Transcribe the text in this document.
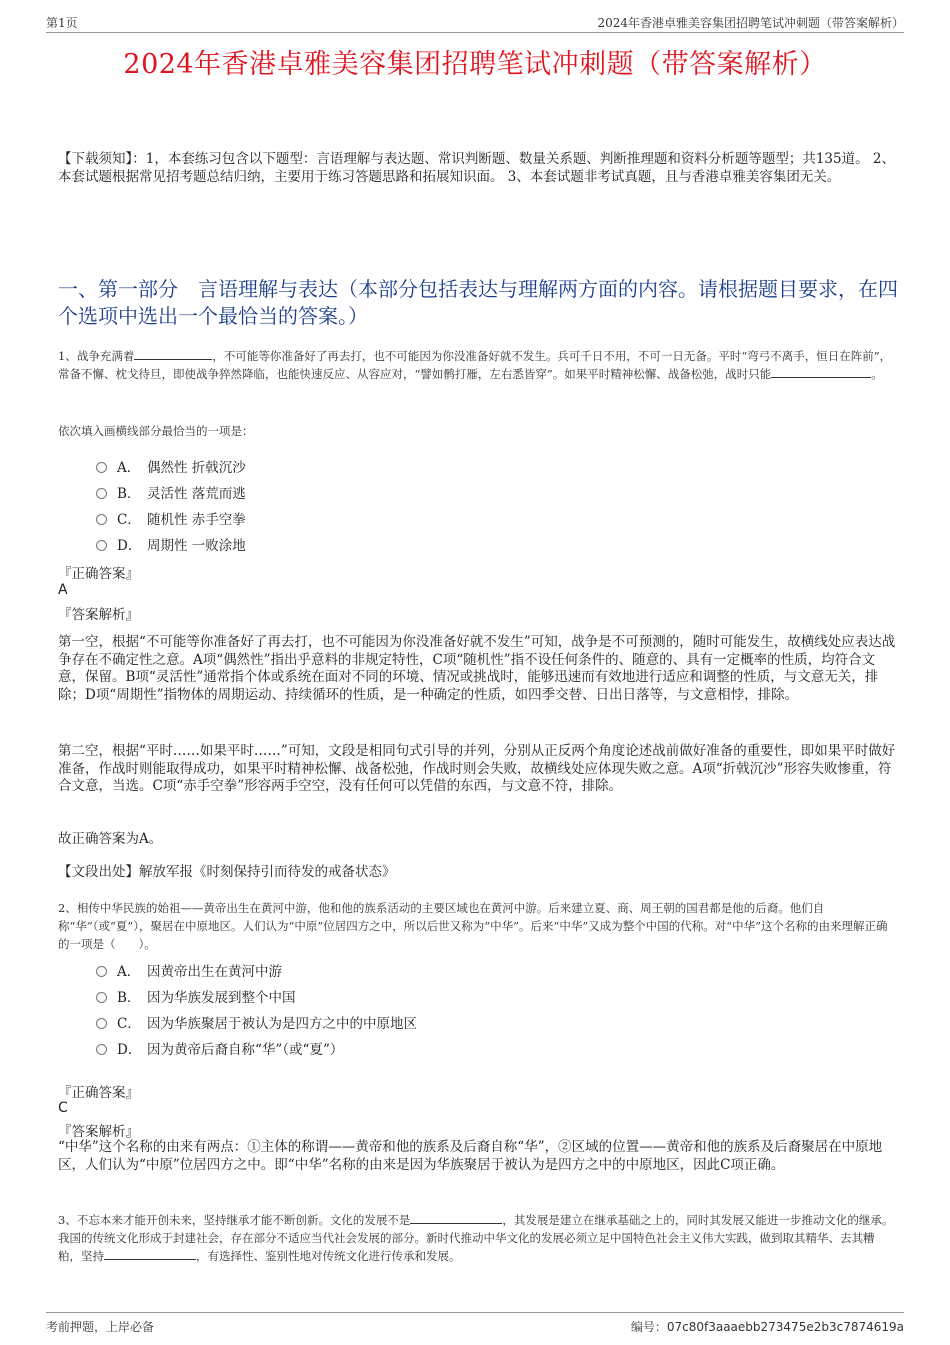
第1页	2024年香港卓雅美容集团招聘笔试冲刺题（带答案解析）
2024年香港卓雅美容集团招聘笔试冲刺题（带答案解析）
【下载须知】：1，本套练习包含以下题型：言语理解与表达题、常识判断题、数量关系题、判断推理题和资料分析题等题型；共135道。 2、本套试题根据常见招考题总结归纳，主要用于练习答题思路和拓展知识面。 3、本套试题非考试真题，且与香港卓雅美容集团无关。
一、第一部分　言语理解与表达（本部分包括表达与理解两方面的内容。请根据题目要求，在四个选项中选出一个最恰当的答案。）
1、战争充满着	，不可能等你准备好了再去打，也不可能因为你没准备好就不发生。兵可千日不用，不可一日无备。平时“弯弓不离手，恒日在阵前”，常备不懈、枕戈待旦，即使战争猝然降临，也能快速反应、从容应对，“譬如鹘打雁，左右悉皆穿”。如果平时精神松懈、战备松弛，战时只能	。
依次填入画横线部分最恰当的一项是：
A． 偶然性 折戟沉沙
B． 灵活性 落荒而逃
C． 随机性 赤手空拳
D． 周期性 一败涂地
『正确答案』
A
『答案解析』
第一空，根据“不可能等你准备好了再去打，也不可能因为你没准备好就不发生”可知，战争是不可预测的，随时可能发生，故横线处应表达战争存在不确定性之意。A项“偶然性”指出乎意料的非规定特性，C项“随机性”指不设任何条件的、随意的、具有一定概率的性质，均符合文意，保留。B项“灵活性”通常指个体或系统在面对不同的环境、情况或挑战时，能够迅速而有效地进行适应和调整的性质，与文意无关，排除；D项“周期性”指物体的周期运动、持续循环的性质，是一种确定的性质，如四季交替、日出日落等，与文意相悖，排除。
第二空，根据“平时……如果平时……”可知，文段是相同句式引导的并列，分别从正反两个角度论述战前做好准备的重要性，即如果平时做好准备，作战时则能取得成功，如果平时精神松懈、战备松弛，作战时则会失败，故横线处应体现失败之意。A项“折戟沉沙”形容失败惨重，符合文意，当选。C项“赤手空拳”形容两手空空，没有任何可以凭借的东西，与文意不符，排除。
故正确答案为A。
【文段出处】解放军报《时刻保持引而待发的戒备状态》
2、相传中华民族的始祖——黄帝出生在黄河中游，他和他的族系活动的主要区域也在黄河中游。后来建立夏、商、周王朝的国君都是他的后裔。他们自称“华”（或“夏”），聚居在中原地区。人们认为“中原”位居四方之中，所以后世又称为“中华”。后来“中华”又成为整个中国的代称。对“中华”这个名称的由来理解正确的一项是（　　）。
A． 因黄帝出生在黄河中游
B． 因为华族发展到整个中国
C． 因为华族聚居于被认为是四方之中的中原地区
D． 因为黄帝后裔自称“华”（或“夏”）
『正确答案』
C
『答案解析』
“中华”这个名称的由来有两点：①主体的称谓——黄帝和他的族系及后裔自称“华”，②区域的位置——黄帝和他的族系及后裔聚居在中原地区，人们认为“中原”位居四方之中。即“中华”名称的由来是因为华族聚居于被认为是四方之中的中原地区，因此C项正确。
3、不忘本来才能开创未来，坚持继承才能不断创新。文化的发展不是	，其发展是建立在继承基础之上的，同时其发展又能进一步推动文化的继承。我国的传统文化形成于封建社会，存在部分不适应当代社会发展的部分。新时代推动中华文化的发展必须立足中国特色社会主义伟大实践，做到取其精华、去其糟粕，坚持	，有选择性、鉴别性地对传统文化进行传承和发展。
考前押题，上岸必备	编号：07c80f3aaaebb273475e2b3c7874619a
